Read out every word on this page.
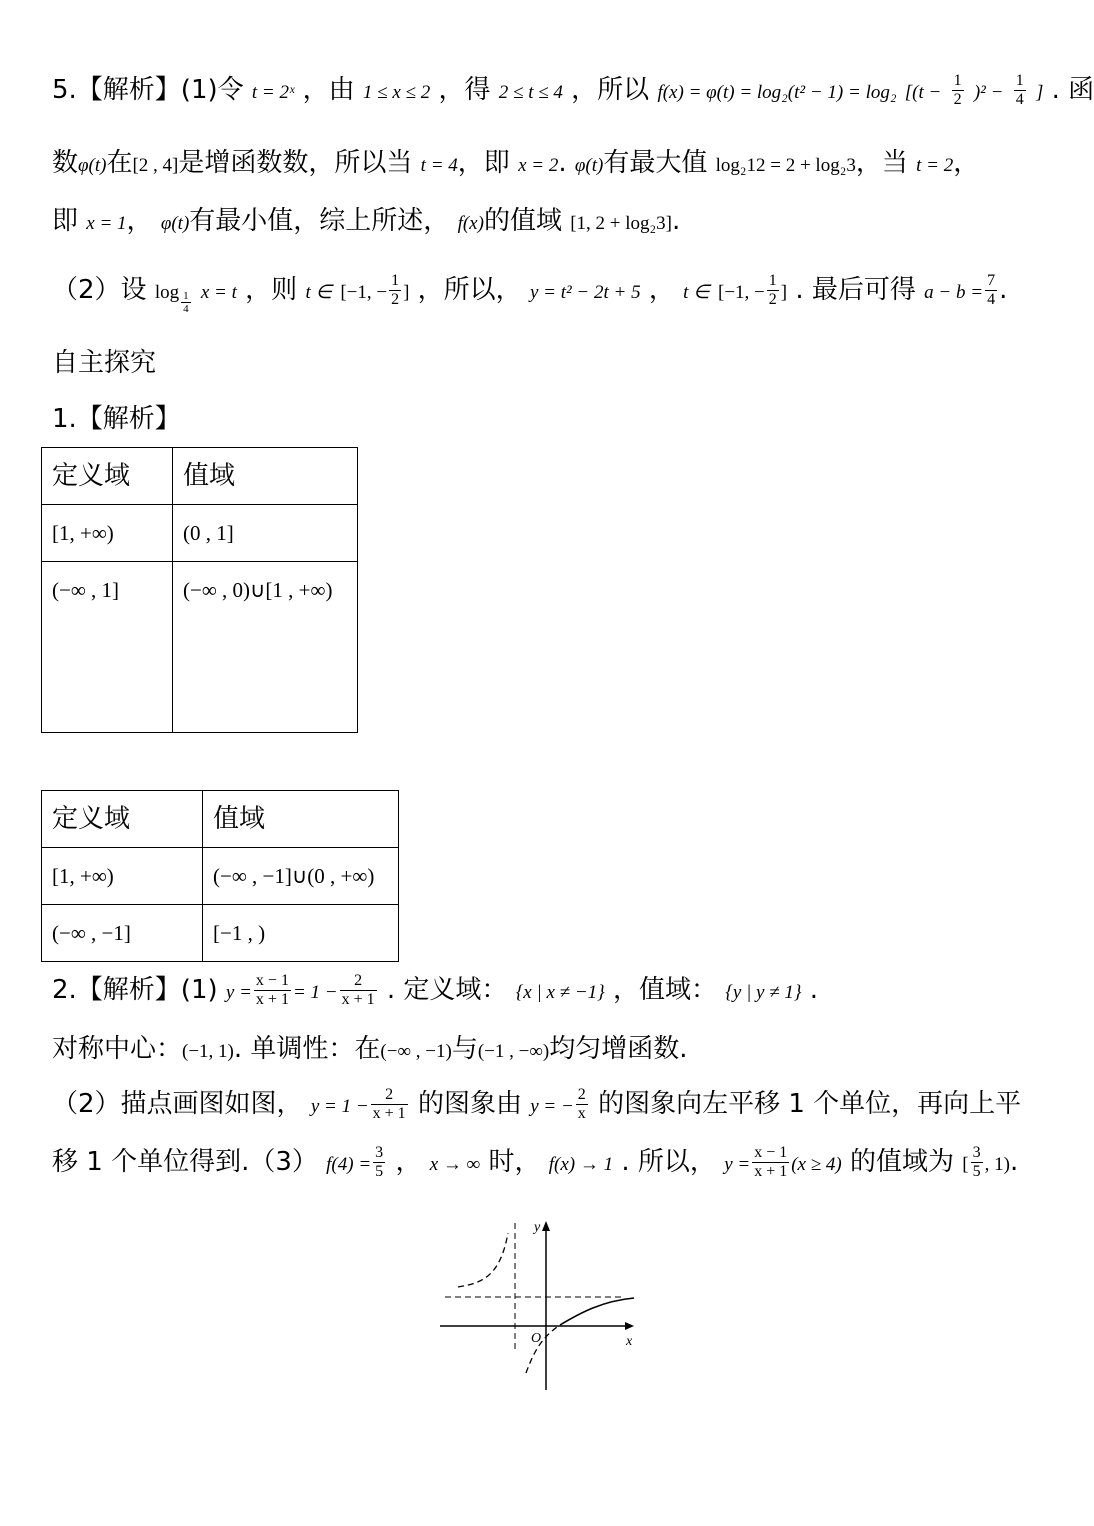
5.【解析】(1)令 t = 2ˣ ，由 1 ≤ x ≤ 2 ，得 2 ≤ t ≤ 4 ，所以 f(x) = φ(t) = log₂(t² − 1) = log₂ [$(t - \frac{1}{2} )^2 - \frac{1}{4}$ ] . 函
数φ(t)在[2 , 4]是增函数数，所以当 t = 4，即 x = 2. φ(t)有最大值 log₂12 = 2 + log₂3，当 t = 2，
即 x = 1， φ(t)有最小值，综上所述， f(x)的值域 [1, 2 + log₂3].
（2）设 $\log \frac{1}{4}$ x = t ，则 t ∈ [−1, − $\frac{1}{2}$ ] ，所以， y = t² − 2t + 5 ， t ∈ [−1, − $\frac{1}{2}$ ] . 最后可得 $a - b = \frac{7}{4}$ .
自主探究
1.【解析】
定义域	值域
[1, +∞)	(0 , 1]
(−∞ , 1]	(−∞ , 0)∪[1 , +∞)
定义域	值域
[1, +∞)	(−∞ , −1]∪(0 , +∞)
(−∞ , −1]	[−1 , )
2.【解析】(1) $y = \frac{x - 1}{x + 1} = 1 - \frac{2}{x + 1}$ . 定义域： {x | x ≠ −1} ，值域： {y | y ≠ 1} .
对称中心：(−1, 1). 单调性：在(−∞ , −1)与(−1 , −∞)均匀增函数.
（2）描点画图如图， $y = 1 - \frac{2}{x + 1}$ 的图象由 y = − $\frac{2}{x}$ 的图象向左平移 1 个单位，再向上平
移 1 个单位得到.（3） $f(4) = \frac{3}{5}$ ， x → ∞ 时， f(x) → 1 . 所以， $y = \frac{x - 1}{x + 1} (x \ge 4)$ 的值域为 [ $\frac{3}{5}$ , 1).
x
y
O
